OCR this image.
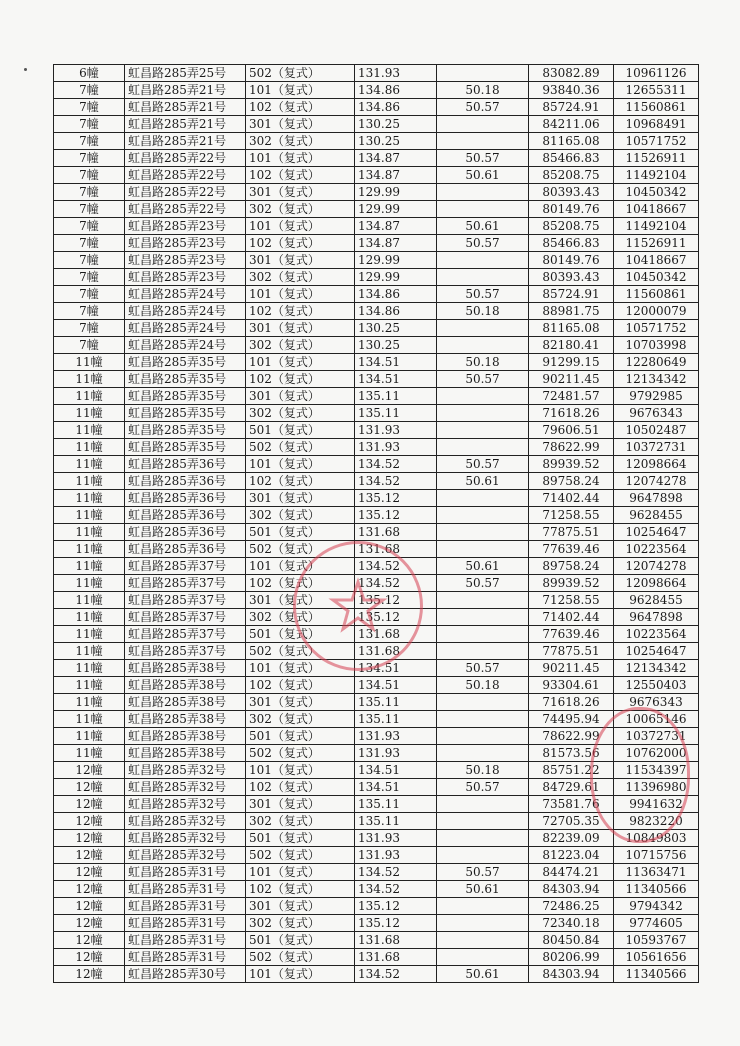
6幢	虹昌路285弄25号	502（复式）	131.93		83082.89	10961126
7幢	虹昌路285弄21号	101（复式）	134.86	50.18	93840.36	12655311
7幢	虹昌路285弄21号	102（复式）	134.86	50.57	85724.91	11560861
7幢	虹昌路285弄21号	301（复式）	130.25		84211.06	10968491
7幢	虹昌路285弄21号	302（复式）	130.25		81165.08	10571752
7幢	虹昌路285弄22号	101（复式）	134.87	50.57	85466.83	11526911
7幢	虹昌路285弄22号	102（复式）	134.87	50.61	85208.75	11492104
7幢	虹昌路285弄22号	301（复式）	129.99		80393.43	10450342
7幢	虹昌路285弄22号	302（复式）	129.99		80149.76	10418667
7幢	虹昌路285弄23号	101（复式）	134.87	50.61	85208.75	11492104
7幢	虹昌路285弄23号	102（复式）	134.87	50.57	85466.83	11526911
7幢	虹昌路285弄23号	301（复式）	129.99		80149.76	10418667
7幢	虹昌路285弄23号	302（复式）	129.99		80393.43	10450342
7幢	虹昌路285弄24号	101（复式）	134.86	50.57	85724.91	11560861
7幢	虹昌路285弄24号	102（复式）	134.86	50.18	88981.75	12000079
7幢	虹昌路285弄24号	301（复式）	130.25		81165.08	10571752
7幢	虹昌路285弄24号	302（复式）	130.25		82180.41	10703998
11幢	虹昌路285弄35号	101（复式）	134.51	50.18	91299.15	12280649
11幢	虹昌路285弄35号	102（复式）	134.51	50.57	90211.45	12134342
11幢	虹昌路285弄35号	301（复式）	135.11		72481.57	9792985
11幢	虹昌路285弄35号	302（复式）	135.11		71618.26	9676343
11幢	虹昌路285弄35号	501（复式）	131.93		79606.51	10502487
11幢	虹昌路285弄35号	502（复式）	131.93		78622.99	10372731
11幢	虹昌路285弄36号	101（复式）	134.52	50.57	89939.52	12098664
11幢	虹昌路285弄36号	102（复式）	134.52	50.61	89758.24	12074278
11幢	虹昌路285弄36号	301（复式）	135.12		71402.44	9647898
11幢	虹昌路285弄36号	302（复式）	135.12		71258.55	9628455
11幢	虹昌路285弄36号	501（复式）	131.68		77875.51	10254647
11幢	虹昌路285弄36号	502（复式）	131.68		77639.46	10223564
11幢	虹昌路285弄37号	101（复式）	134.52	50.61	89758.24	12074278
11幢	虹昌路285弄37号	102（复式）	134.52	50.57	89939.52	12098664
11幢	虹昌路285弄37号	301（复式）	135.12		71258.55	9628455
11幢	虹昌路285弄37号	302（复式）	135.12		71402.44	9647898
11幢	虹昌路285弄37号	501（复式）	131.68		77639.46	10223564
11幢	虹昌路285弄37号	502（复式）	131.68		77875.51	10254647
11幢	虹昌路285弄38号	101（复式）	134.51	50.57	90211.45	12134342
11幢	虹昌路285弄38号	102（复式）	134.51	50.18	93304.61	12550403
11幢	虹昌路285弄38号	301（复式）	135.11		71618.26	9676343
11幢	虹昌路285弄38号	302（复式）	135.11		74495.94	10065146
11幢	虹昌路285弄38号	501（复式）	131.93		78622.99	10372731
11幢	虹昌路285弄38号	502（复式）	131.93		81573.56	10762000
12幢	虹昌路285弄32号	101（复式）	134.51	50.18	85751.22	11534397
12幢	虹昌路285弄32号	102（复式）	134.51	50.57	84729.61	11396980
12幢	虹昌路285弄32号	301（复式）	135.11		73581.76	9941632
12幢	虹昌路285弄32号	302（复式）	135.11		72705.35	9823220
12幢	虹昌路285弄32号	501（复式）	131.93		82239.09	10849803
12幢	虹昌路285弄32号	502（复式）	131.93		81223.04	10715756
12幢	虹昌路285弄31号	101（复式）	134.52	50.57	84474.21	11363471
12幢	虹昌路285弄31号	102（复式）	134.52	50.61	84303.94	11340566
12幢	虹昌路285弄31号	301（复式）	135.12		72486.25	9794342
12幢	虹昌路285弄31号	302（复式）	135.12		72340.18	9774605
12幢	虹昌路285弄31号	501（复式）	131.68		80450.84	10593767
12幢	虹昌路285弄31号	502（复式）	131.68		80206.99	10561656
12幢	虹昌路285弄30号	101（复式）	134.52	50.61	84303.94	11340566
